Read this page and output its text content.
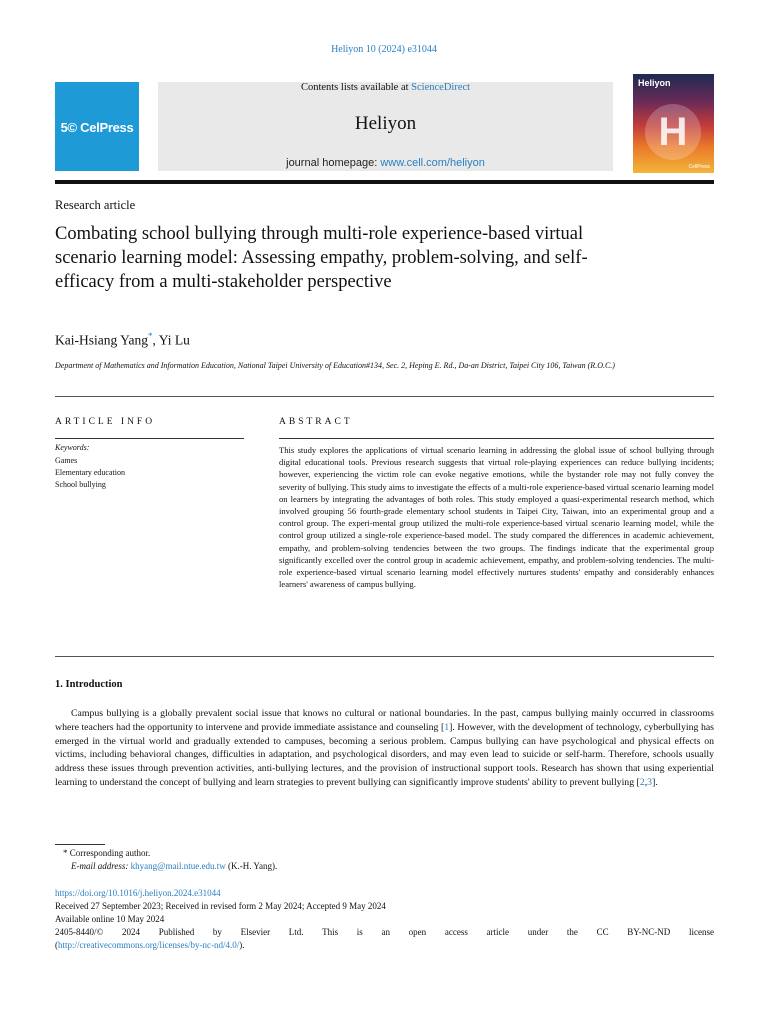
Heliyon 10 (2024) e31044
5© CelPress
Contents lists available at ScienceDirect
Heliyon
journal homepage: www.cell.com/heliyon
Heliyon
H
CellPress
Research article
Combating school bullying through multi-role experience-based virtual scenario learning model: Assessing empathy, problem-solving, and self-efficacy from a multi-stakeholder perspective
Kai-Hsiang Yang*, Yi Lu
Department of Mathematics and Information Education, National Taipei University of Education#134, Sec. 2, Heping E. Rd., Da-an District, Taipei City 106, Taiwan (R.O.C.)
ARTICLE INFO
Keywords:
Games
Elementary education
School bullying
ABSTRACT
This study explores the applications of virtual scenario learning in addressing the global issue of school bullying through digital educational tools. Previous research suggests that virtual role-playing experiences can reduce bullying incidents; however, experiencing the victim role can evoke negative emotions, while the bystander role may not fully convey the severity of bullying. This study aims to investigate the effects of a multi-role experience-based virtual scenario learning model on learners by integrating the advantages of both roles. This study employed a quasi-experimental research method, which involved grouping 56 fourth-grade elementary school students in Taipei City, Taiwan, into an experimental group and a control group. The experi-mental group utilized the multi-role experience-based virtual scenario learning model, while the control group utilized a single-role experience-based model. The study compared the differences in academic achievement, empathy, and problem-solving tendencies between the two groups. The findings indicate that the experimental group significantly excelled over the control group in academic achievement, empathy, and problem-solving tendencies. The multi-role experience-based virtual scenario learning model effectively nurtures students' empathy and considerably enhances learners' awareness of campus bullying.
1. Introduction
Campus bullying is a globally prevalent social issue that knows no cultural or national boundaries. In the past, campus bullying mainly occurred in classrooms where teachers had the opportunity to intervene and provide immediate assistance and counseling [1]. However, with the development of technology, cyberbullying has emerged in the virtual world and gradually extended to campuses, becoming a serious problem. Campus bullying can have psychological and physical effects on victims, including behavioral changes, difficulties in adaptation, and psychological disorders, and may even lead to suicide or self-harm. Therefore, schools usually address these issues through prevention activities, anti-bullying lectures, and the provision of instructional support tools. Research has shown that using experiential learning to understand the concept of bullying and learn strategies to prevent bullying can significantly improve students' ability to prevent bullying [2,3].
* Corresponding author.
E-mail address: khyang@mail.ntue.edu.tw (K.-H. Yang).
https://doi.org/10.1016/j.heliyon.2024.e31044
Received 27 September 2023; Received in revised form 2 May 2024; Accepted 9 May 2024
Available online 10 May 2024
2405-8440/© 2024 Published by Elsevier Ltd. This is an open access article under the CC BY-NC-ND license
(http://creativecommons.org/licenses/by-nc-nd/4.0/).
